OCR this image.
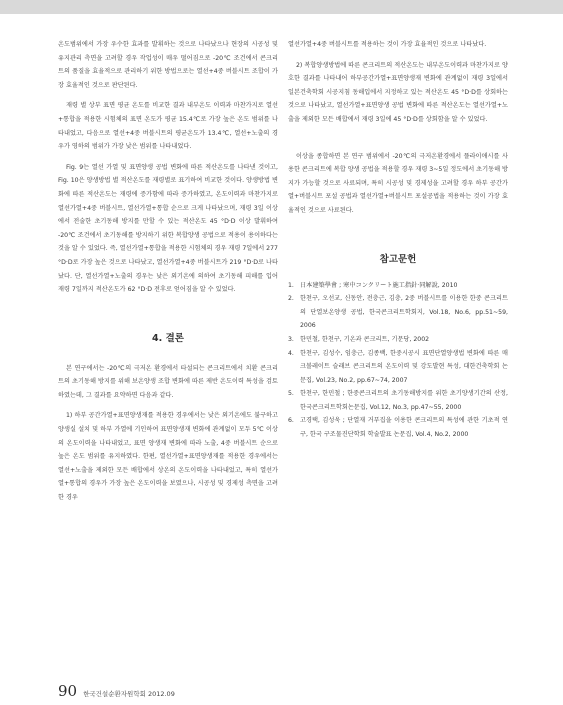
온도범위에서 가장 우수한 효과를 발휘하는 것으로 나타났으나 현장의 시공성 및 유지관리 측면을 고려할 경우 작업성이 매우 떨어짐으로 -20℃ 조건에서 콘크리트의 품질을 효율적으로 관리하기 위한 방법으로는 열선+4중 버블시트 조합이 가장 효율적인 것으로 판단된다.

재령 별 상부 표면 평균 온도를 비교한 결과 내부온도 이력과 마찬가지로 열선+통합을 적용한 시험체의 표면 온도가 평균 15.4℃로 가장 높은 온도 범위를 나타내었고, 다음으로 열선+4중 버블시트의 평균온도가 13.4℃, 열선+노출의 경우가 영하의 범위가 가장 낮은 범위를 나타내었다.

Fig. 9는 열선 가열 및 표면양생 공법 변화에 따른 적산온도를 나타낸 것이고, Fig. 10은 양생방법 별 적산온도를 재령별로 표기하여 비교한 것이다. 양생방법 변화에 따른 적산온도는 재령에 증가함에 따라 증가하였고, 온도이력과 마찬가지로 열선가열+4중 버블시트, 열선가열+통합 순으로 크게 나타났으며, 재령 3일 이상에서 전술한 초기동해 방지를 만할 수 있는 적산온도 45 °D·D 이상 발휘하여 -20℃ 조건에서 초기동해를 방지하기 위한 복합양생 공법으로 적용이 용이하다는 것을 알 수 있었다. 즉, 열선가열+통합을 적용한 시험체의 경우 재령 7일에서 277 °D·D로 가장 높은 것으로 나타났고, 열선가열+4중 버블시트가 219 °D·D로 나타났다. 단, 열선가열+노출의 경우는 낮은 외기온에 의하여 초기동해 피해를 입어 재령 7일까지 적산온도가 62 °D·D 전후로 얻어짐을 알 수 있었다.

4. 결론

본 연구에서는 -20℃의 극저온 환경에서 타설되는 콘크리트에서 치환 콘크리트의 초기동해 방지를 위해 보온양생 조합 변화에 따른 제반 온도이력 특성을 검토하였는데, 그 결과를 요약하면 다음과 같다.

1) 하부 공간가열+표면양생재를 적용한 경우에서는 낮은 외기온에도 불구하고 양생실 설치 및 하부 가열에 기인하여 표면양생재 변화에 관계없이 모두 5℃ 이상의 온도이력을 나타내었고, 표면 양생재 변화에 따라 노출, 4중 버블시트 순으로 높은 온도 범위를 유지하였다. 한편, 열선가열+표면양생재를 적용한 경우에서는 열선+노출을 제외한 모든 배합에서 상온의 온도이력을 나타내었고, 특히 열선가열+통합의 경우가 가장 높은 온도이력을 보였으나, 시공성 및 경제성 측면을 고려한 경우

열선가열+4중 버블시트를 적용하는 것이 가장 효율적인 것으로 나타났다.

2) 복합양생방법에 따른 콘크리트의 적산온도는 내부온도이력과 마찬가지로 양호한 결과를 나타내어 하부공간가열+표면양생재 변화에 관계없이 재령 3일에서 일본건축학회 시공지침 동해입에서 지정하고 있는 적산온도 45 °D·D를 상회하는 것으로 나타났고, 열선가열+표면양생 공법 변화에 따른 적산온도는 열선가열+노출을 제외한 모든 배합에서 재령 3일에 45 °D·D를 상회함을 알 수 있었다.

이상을 종합하면 본 연구 범위에서 -20℃의 극저온환경에서 플라이애시를 사용한 콘크리트에 복합 양생 공법을 적용할 경우 재령 3~5일 정도에서 초기동해 방지가 가능할 것으로 사료되며, 특히 시공성 및 경제성을 고려할 경우 하부 공간가열+버블시트 포설 공법과 열선가열+버블시트 포설공법을 적용하는 것이 가장 효율적인 것으로 사료된다.

참고문헌
1. 日本建築學會 ; 寒中コンクリート施工指針·同解說, 2010
2. 한천구, 오선교, 신동안, 전충근, 김충, 2중 버블시트를 이용한 한중 콘크리트의 단열보온양생 공법, 한국콘크리트학회지, Vol.18, No.6, pp.51~59, 2006
3. 한민철, 한천구, 기온과 콘크리트, 기문당, 2002
4. 한천구, 김성수, 임충근, 김종백, 한중시공시 표면단열양생법 변화에 따른 매크볼레이트 슬래브 콘크리트의 온도이력 및 강도발현 특성, 대한건축학회 논문집, Vol.23, No.2, pp.67~74, 2007
5. 한천구, 한민철 ; 한중콘크리트의 초기동해방지를 위한 초기양생기간의 산정, 한국콘크리트학회논문집, Vol.12, No.3, pp.47~55, 2000
6. 고경택, 김성욱 ; 단열재 거푸집을 이용한 콘크리트의 특성에 관한 기초적 연구, 한국 구조물진단학회 학술발표 논문집, Vol.4, No.2, 2000
90 한국건설순환자원학회 2012.09
